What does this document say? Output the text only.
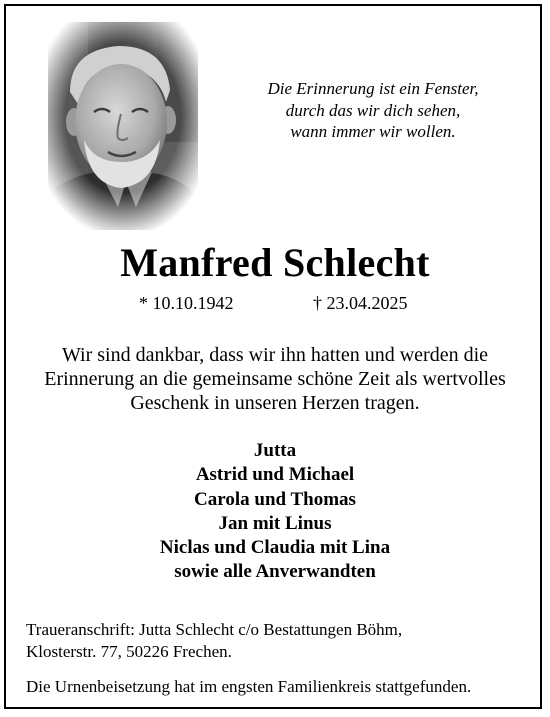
Die Erinnerung ist ein Fenster,
durch das wir dich sehen,
wann immer wir wollen.
Manfred Schlecht
* 10.10.1942	† 23.04.2025
Wir sind dankbar, dass wir ihn hatten und werden die
Erinnerung an die gemeinsame schöne Zeit als wertvolles
Geschenk in unseren Herzen tragen.
Jutta
Astrid und Michael
Carola und Thomas
Jan mit Linus
Niclas und Claudia mit Lina
sowie alle Anverwandten
Traueranschrift: Jutta Schlecht c/o Bestattungen Böhm,
Klosterstr. 77, 50226 Frechen.
Die Urnenbeisetzung hat im engsten Familienkreis stattgefunden.
